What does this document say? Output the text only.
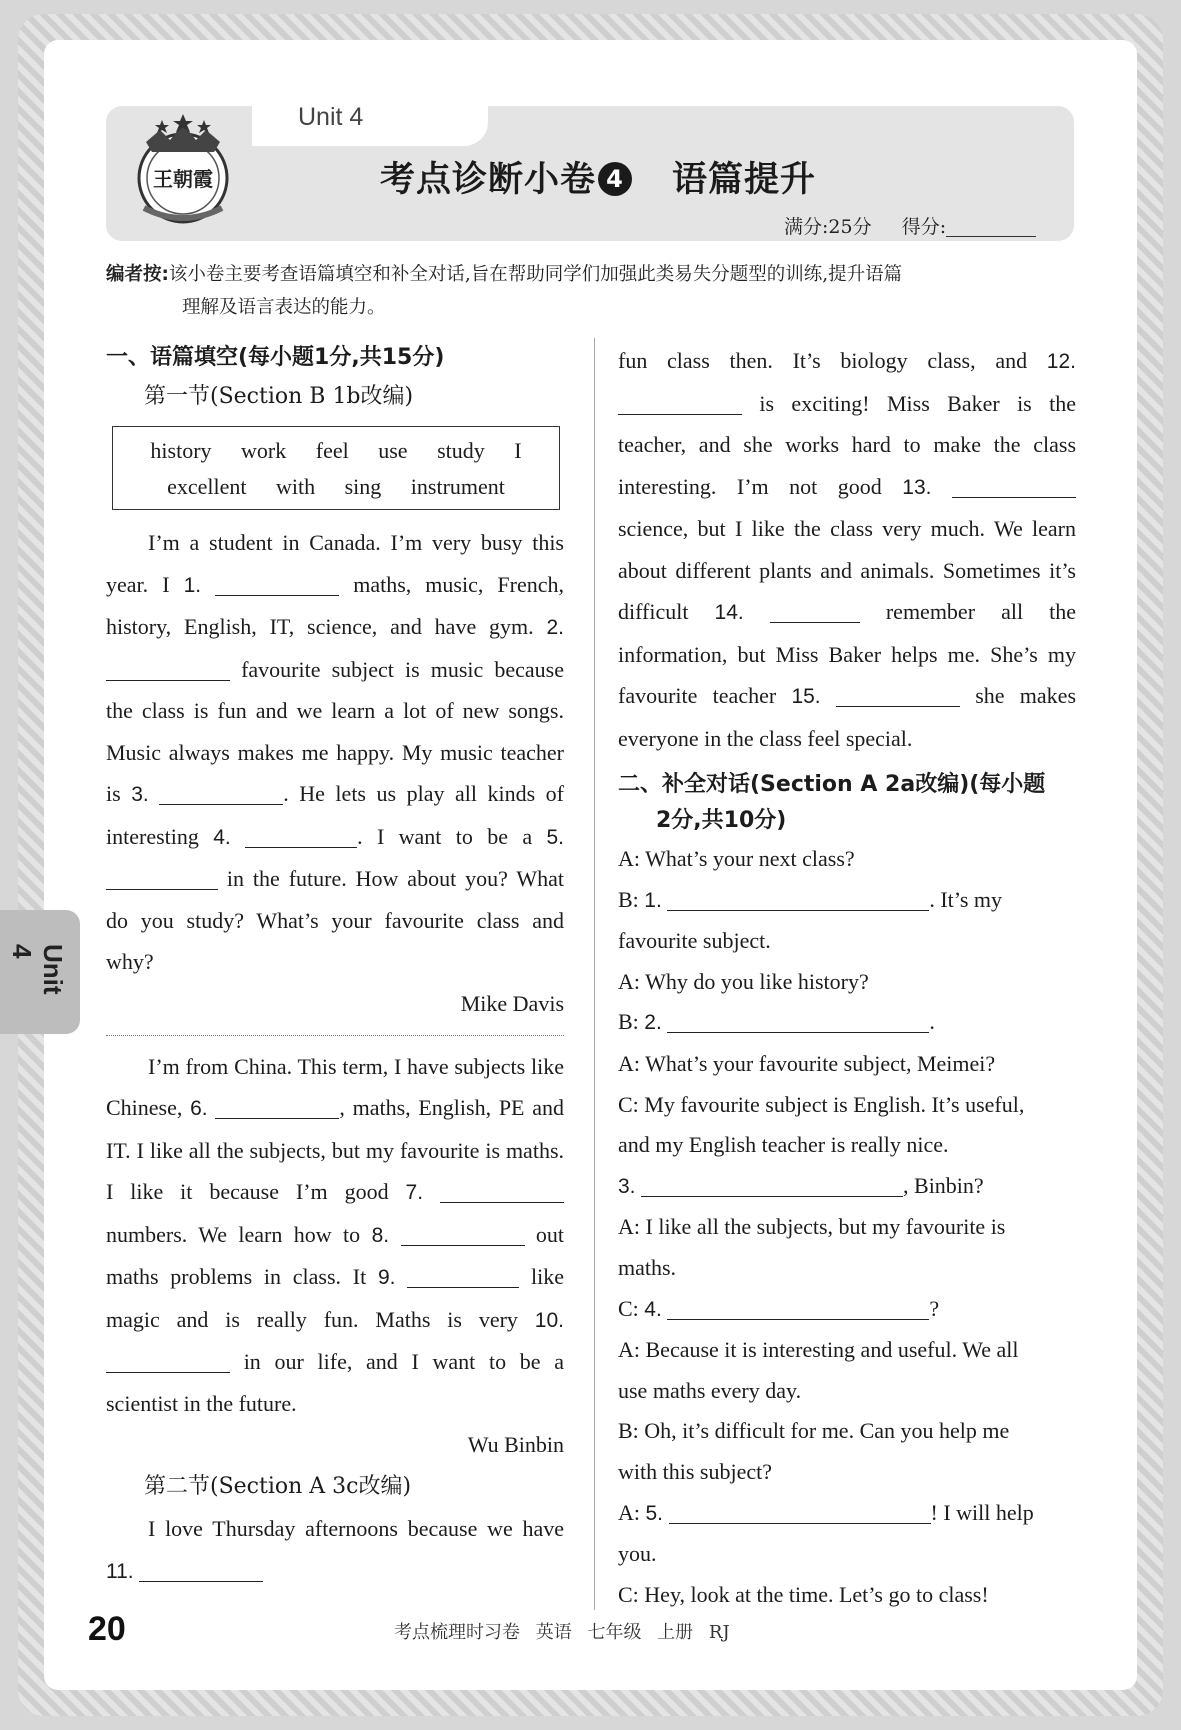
Unit 4
王朝霞	考点诊断小卷 4 语篇提升
满分:25分 得分:
编者按:该小卷主要考查语篇填空和补全对话,旨在帮助同学们加强此类易失分题型的训练,提升语篇
理解及语言表达的能力。
一、语篇填空(每小题1分,共15分)
第一节(Section B 1b改编)
history work feel use study I
excellent with sing instrument

I’m a student in Canada. I’m very busy this year. I 1.	maths, music, French, history, English, IT, science, and have gym. 2.  favourite subject is music because the class is fun and we learn a lot of new songs. Music always makes me happy. My music teacher is 3.	. He lets us play all kinds of interesting 4.	. I want to be a 5.  in the future. How about you? What do you study? What’s your favourite class and why?

Mike Davis

I’m from China. This term, I have subjects like Chinese, 6.	, maths, English, PE and IT. I like all the subjects, but my favourite is maths. I like it because I’m good 7.  numbers. We learn how to 8.	out maths problems in class. It 9.	like magic and is really fun. Maths is very 10.  in our life, and I want to be a scientist in the future.

Wu Binbin

第二节(Section A 3c改编)

I love Thursday afternoons because we have 11.

fun class then. It’s biology class, and 12.  is exciting! Miss Baker is the teacher, and she works hard to make the class interesting. I’m not good 13.  science, but I like the class very much. We learn about different plants and animals. Sometimes it’s difficult 14.	remember all the information, but Miss Baker helps me. She’s my favourite teacher 15.	she makes everyone in the class feel special.

二、补全对话(Section A 2a改编)(每小题
2分,共10分)

A: What’s your next class?

B: 1.	. It’s my

favourite subject.

A: Why do you like history?

B: 2.	.

A: What’s your favourite subject, Meimei?

C: My favourite subject is English. It’s useful,

and my English teacher is really nice.

3.	, Binbin?

A: I like all the subjects, but my favourite is

maths.

C: 4.	?

A: Because it is interesting and useful. We all

use maths every day.

B: Oh, it’s difficult for me. Can you help me

with this subject?

A: 5.	! I will help

you.

C: Hey, look at the time. Let’s go to class!

Unit 4
20	考点梳理时习卷 英语 七年级 上册 RJ
